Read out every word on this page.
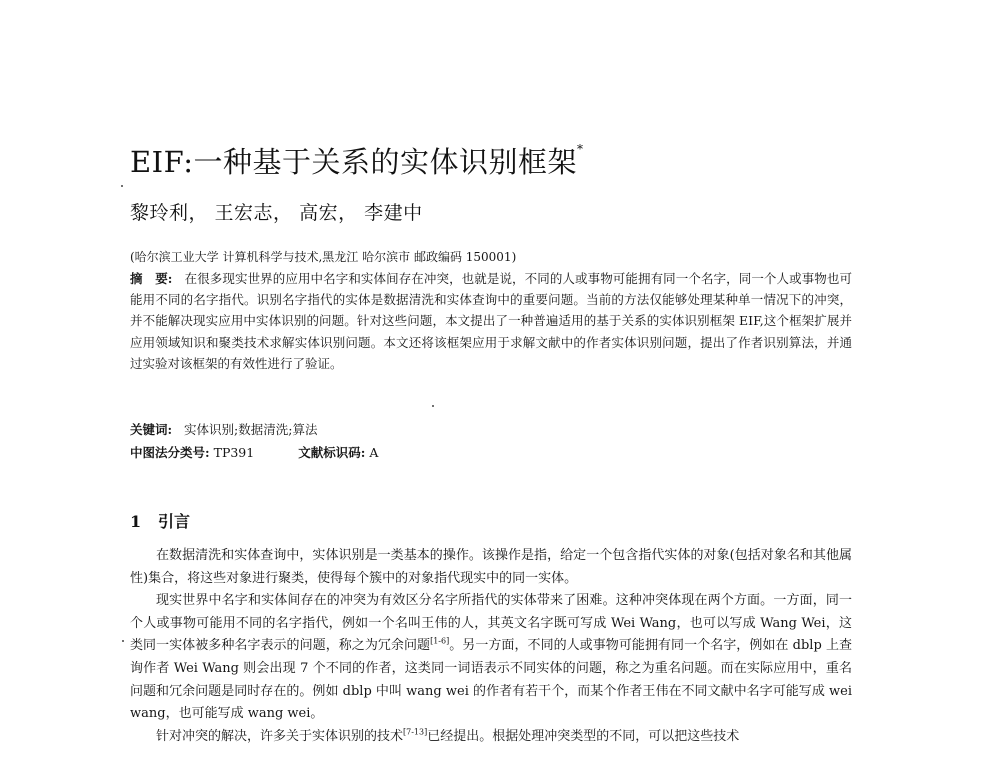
EIF:一种基于关系的实体识别框架*
黎玲利， 王宏志， 高宏， 李建中
(哈尔滨工业大学 计算机科学与技术,黑龙江 哈尔滨市 邮政编码 150001)
摘　要: 在很多现实世界的应用中名字和实体间存在冲突，也就是说，不同的人或事物可能拥有同一个名字，同一个人或事物也可能用不同的名字指代。识别名字指代的实体是数据清洗和实体查询中的重要问题。当前的方法仅能够处理某种单一情况下的冲突，并不能解决现实应用中实体识别的问题。针对这些问题，本文提出了一种普遍适用的基于关系的实体识别框架 EIF,这个框架扩展并应用领域知识和聚类技术求解实体识别问题。本文还将该框架应用于求解文献中的作者实体识别问题，提出了作者识别算法，并通过实验对该框架的有效性进行了验证。
关键词: 实体识别;数据清洗;算法
中图法分类号: TP391	文献标识码: A
1 引言

在数据清洗和实体查询中，实体识别是一类基本的操作。该操作是指，给定一个包含指代实体的对象(包括对象名和其他属性)集合，将这些对象进行聚类，使得每个簇中的对象指代现实中的同一实体。

现实世界中名字和实体间存在的冲突为有效区分名字所指代的实体带来了困难。这种冲突体现在两个方面。一方面，同一个人或事物可能用不同的名字指代，例如一个名叫王伟的人，其英文名字既可写成 Wei Wang，也可以写成 Wang Wei，这类同一实体被多种名字表示的问题，称之为冗余问题[1-6]。另一方面，不同的人或事物可能拥有同一个名字，例如在 dblp 上查询作者 Wei Wang 则会出现 7 个不同的作者，这类同一词语表示不同实体的问题，称之为重名问题。而在实际应用中，重名问题和冗余问题是同时存在的。例如 dblp 中叫 wang wei 的作者有若干个，而某个作者王伟在不同文献中名字可能写成 wei wang，也可能写成 wang wei。

针对冲突的解决，许多关于实体识别的技术[7-13]已经提出。根据处理冲突类型的不同，可以把这些技术
